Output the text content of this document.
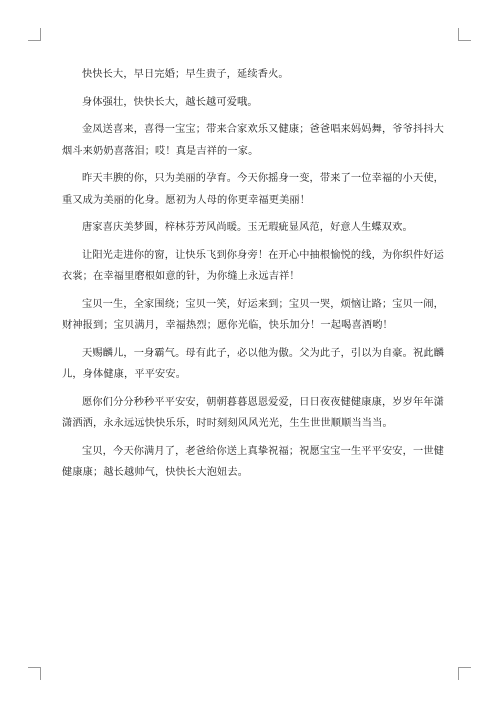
快快长大，早日完婚；早生贵子，延续香火。

身体强壮，快快长大，越长越可爱哦。

金凤送喜来，喜得一宝宝；带来合家欢乐又健康；爸爸唱来妈妈舞，爷爷抖抖大烟斗来奶奶喜落泪；哎！真是吉祥的一家。

昨天丰腴的你，只为美丽的孕育。今天你摇身一变，带来了一位幸福的小天使，重又成为美丽的化身。愿初为人母的你更幸福更美丽！

唐家喜庆美梦圆，梓林芬芳风尚暖。玉无瑕疵显风范，好意人生蝶双欢。

让阳光走进你的窗，让快乐飞到你身旁！在开心中抽根愉悦的线，为你织件好运衣裳；在幸福里磨根如意的针，为你缝上永远吉祥！

宝贝一生，全家围绕；宝贝一笑，好运来到；宝贝一哭，烦恼让路；宝贝一闹，财神报到；宝贝满月，幸福热烈；愿你光临，快乐加分！一起喝喜酒哟！

天赐麟儿，一身霸气。母有此子，必以他为傲。父为此子，引以为自豪。祝此麟儿，身体健康，平平安安。

愿你们分分秒秒平平安安，朝朝暮暮恩恩爱爱，日日夜夜健健康康，岁岁年年潇潇洒洒，永永远远快快乐乐，时时刻刻风风光光，生生世世顺顺当当当。

宝贝，今天你满月了，老爸给你送上真挚祝福；祝愿宝宝一生平平安安，一世健健康康；越长越帅气，快快长大泡妞去。
